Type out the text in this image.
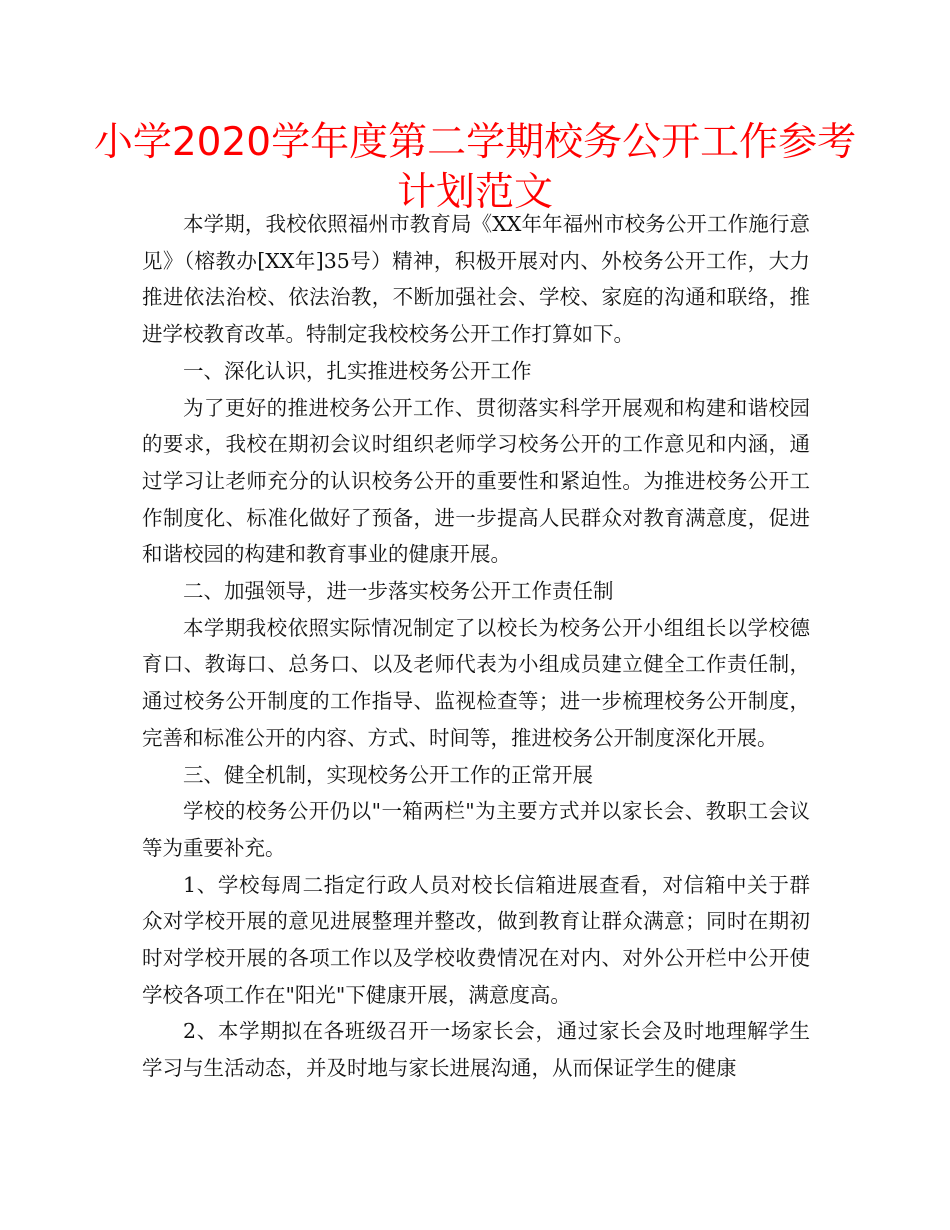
小学2020学年度第二学期校务公开工作参考计划范文

本学期，我校依照福州市教育局《XX年年福州市校务公开工作施行意见》（榕教办[XX年]35号）精神，积极开展对内、外校务公开工作，大力推进依法治校、依法治教，不断加强社会、学校、家庭的沟通和联络，推进学校教育改革。特制定我校校务公开工作打算如下。

一、深化认识，扎实推进校务公开工作

为了更好的推进校务公开工作、贯彻落实科学开展观和构建和谐校园的要求，我校在期初会议时组织老师学习校务公开的工作意见和内涵，通过学习让老师充分的认识校务公开的重要性和紧迫性。为推进校务公开工作制度化、标准化做好了预备，进一步提高人民群众对教育满意度，促进和谐校园的构建和教育事业的健康开展。

二、加强领导，进一步落实校务公开工作责任制

本学期我校依照实际情况制定了以校长为校务公开小组组长以学校德育口、教诲口、总务口、以及老师代表为小组成员建立健全工作责任制，通过校务公开制度的工作指导、监视检查等；进一步梳理校务公开制度，完善和标准公开的内容、方式、时间等，推进校务公开制度深化开展。

三、健全机制，实现校务公开工作的正常开展

学校的校务公开仍以"一箱两栏"为主要方式并以家长会、教职工会议等为重要补充。

1、学校每周二指定行政人员对校长信箱进展查看，对信箱中关于群众对学校开展的意见进展整理并整改，做到教育让群众满意；同时在期初时对学校开展的各项工作以及学校收费情况在对内、对外公开栏中公开使学校各项工作在"阳光"下健康开展，满意度高。

2、本学期拟在各班级召开一场家长会，通过家长会及时地理解学生学习与生活动态，并及时地与家长进展沟通，从而保证学生的健康
